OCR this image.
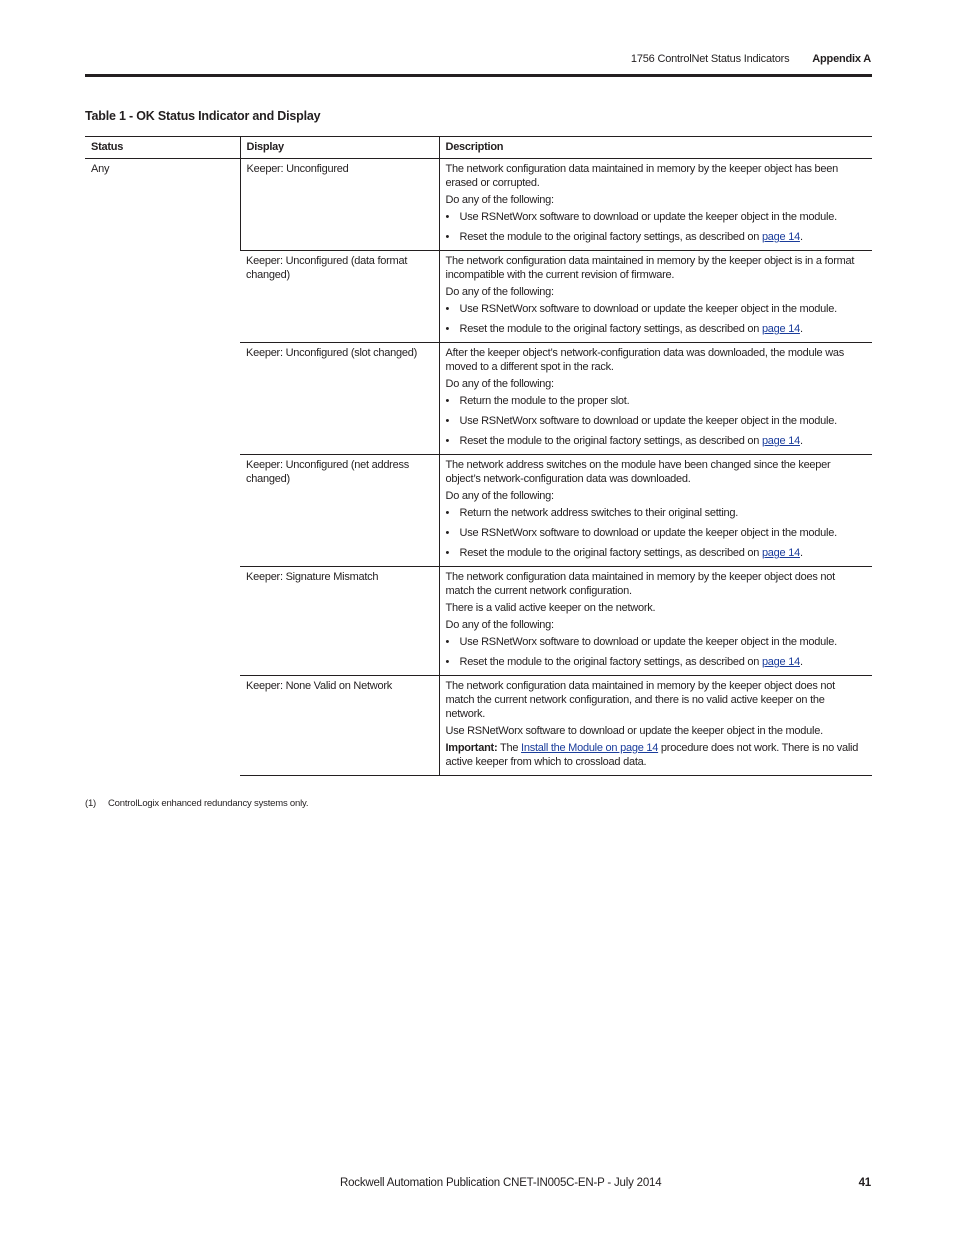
1756 ControlNet Status Indicators Appendix A
Table 1 - OK Status Indicator and Display
Status	Display	Description
Any	Keeper: Unconfigured	The network configuration data maintained in memory by the keeper object has been erased or corrupted.

Do any of the following:

• Use RSNetWorx software to download or update the keeper object in the module.
• Reset the module to the original factory settings, as described on page 14.

	Keeper: Unconfigured (data format changed)	The network configuration data maintained in memory by the keeper object is in a format incompatible with the current revision of firmware.

Do any of the following:

• Use RSNetWorx software to download or update the keeper object in the module.
• Reset the module to the original factory settings, as described on page 14.

	Keeper: Unconfigured (slot changed)	After the keeper object’s network-configuration data was downloaded, the module was moved to a different spot in the rack.

Do any of the following:

• Return the module to the proper slot.
• Use RSNetWorx software to download or update the keeper object in the module.
• Reset the module to the original factory settings, as described on page 14.

	Keeper: Unconfigured (net address changed)	The network address switches on the module have been changed since the keeper object’s network-configuration data was downloaded.

Do any of the following:

• Return the network address switches to their original setting.
• Use RSNetWorx software to download or update the keeper object in the module.
• Reset the module to the original factory settings, as described on page 14.

	Keeper: Signature Mismatch	The network configuration data maintained in memory by the keeper object does not match the current network configuration.

There is a valid active keeper on the network.

Do any of the following:

• Use RSNetWorx software to download or update the keeper object in the module.
• Reset the module to the original factory settings, as described on page 14.

	Keeper: None Valid on Network	The network configuration data maintained in memory by the keeper object does not match the current network configuration, and there is no valid active keeper on the network.

Use RSNetWorx software to download or update the keeper object in the module.

Important: The Install the Module on page 14 procedure does not work. There is no valid active keeper from which to crossload data.

(1) ControlLogix enhanced redundancy systems only.
Rockwell Automation Publication CNET-IN005C-EN-P - July 2014	41
